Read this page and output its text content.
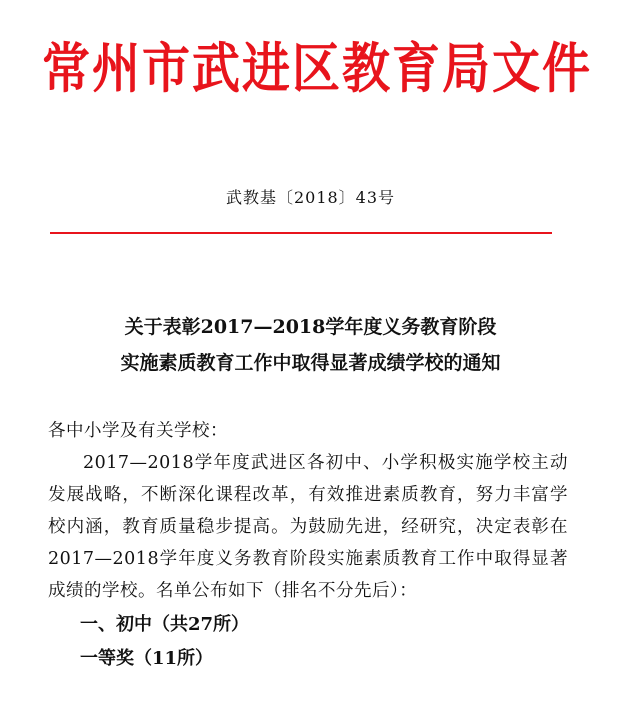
常州市武进区教育局文件
武教基〔2018〕43号
关于表彰2017—2018学年度义务教育阶段
实施素质教育工作中取得显著成绩学校的通知
各中小学及有关学校：
2017—2018学年度武进区各初中、小学积极实施学校主动发展战略，不断深化课程改革，有效推进素质教育，努力丰富学校内涵，教育质量稳步提高。为鼓励先进，经研究，决定表彰在2017—2018学年度义务教育阶段实施素质教育工作中取得显著成绩的学校。名单公布如下（排名不分先后）：
一、初中（共27所）
一等奖（11所）
